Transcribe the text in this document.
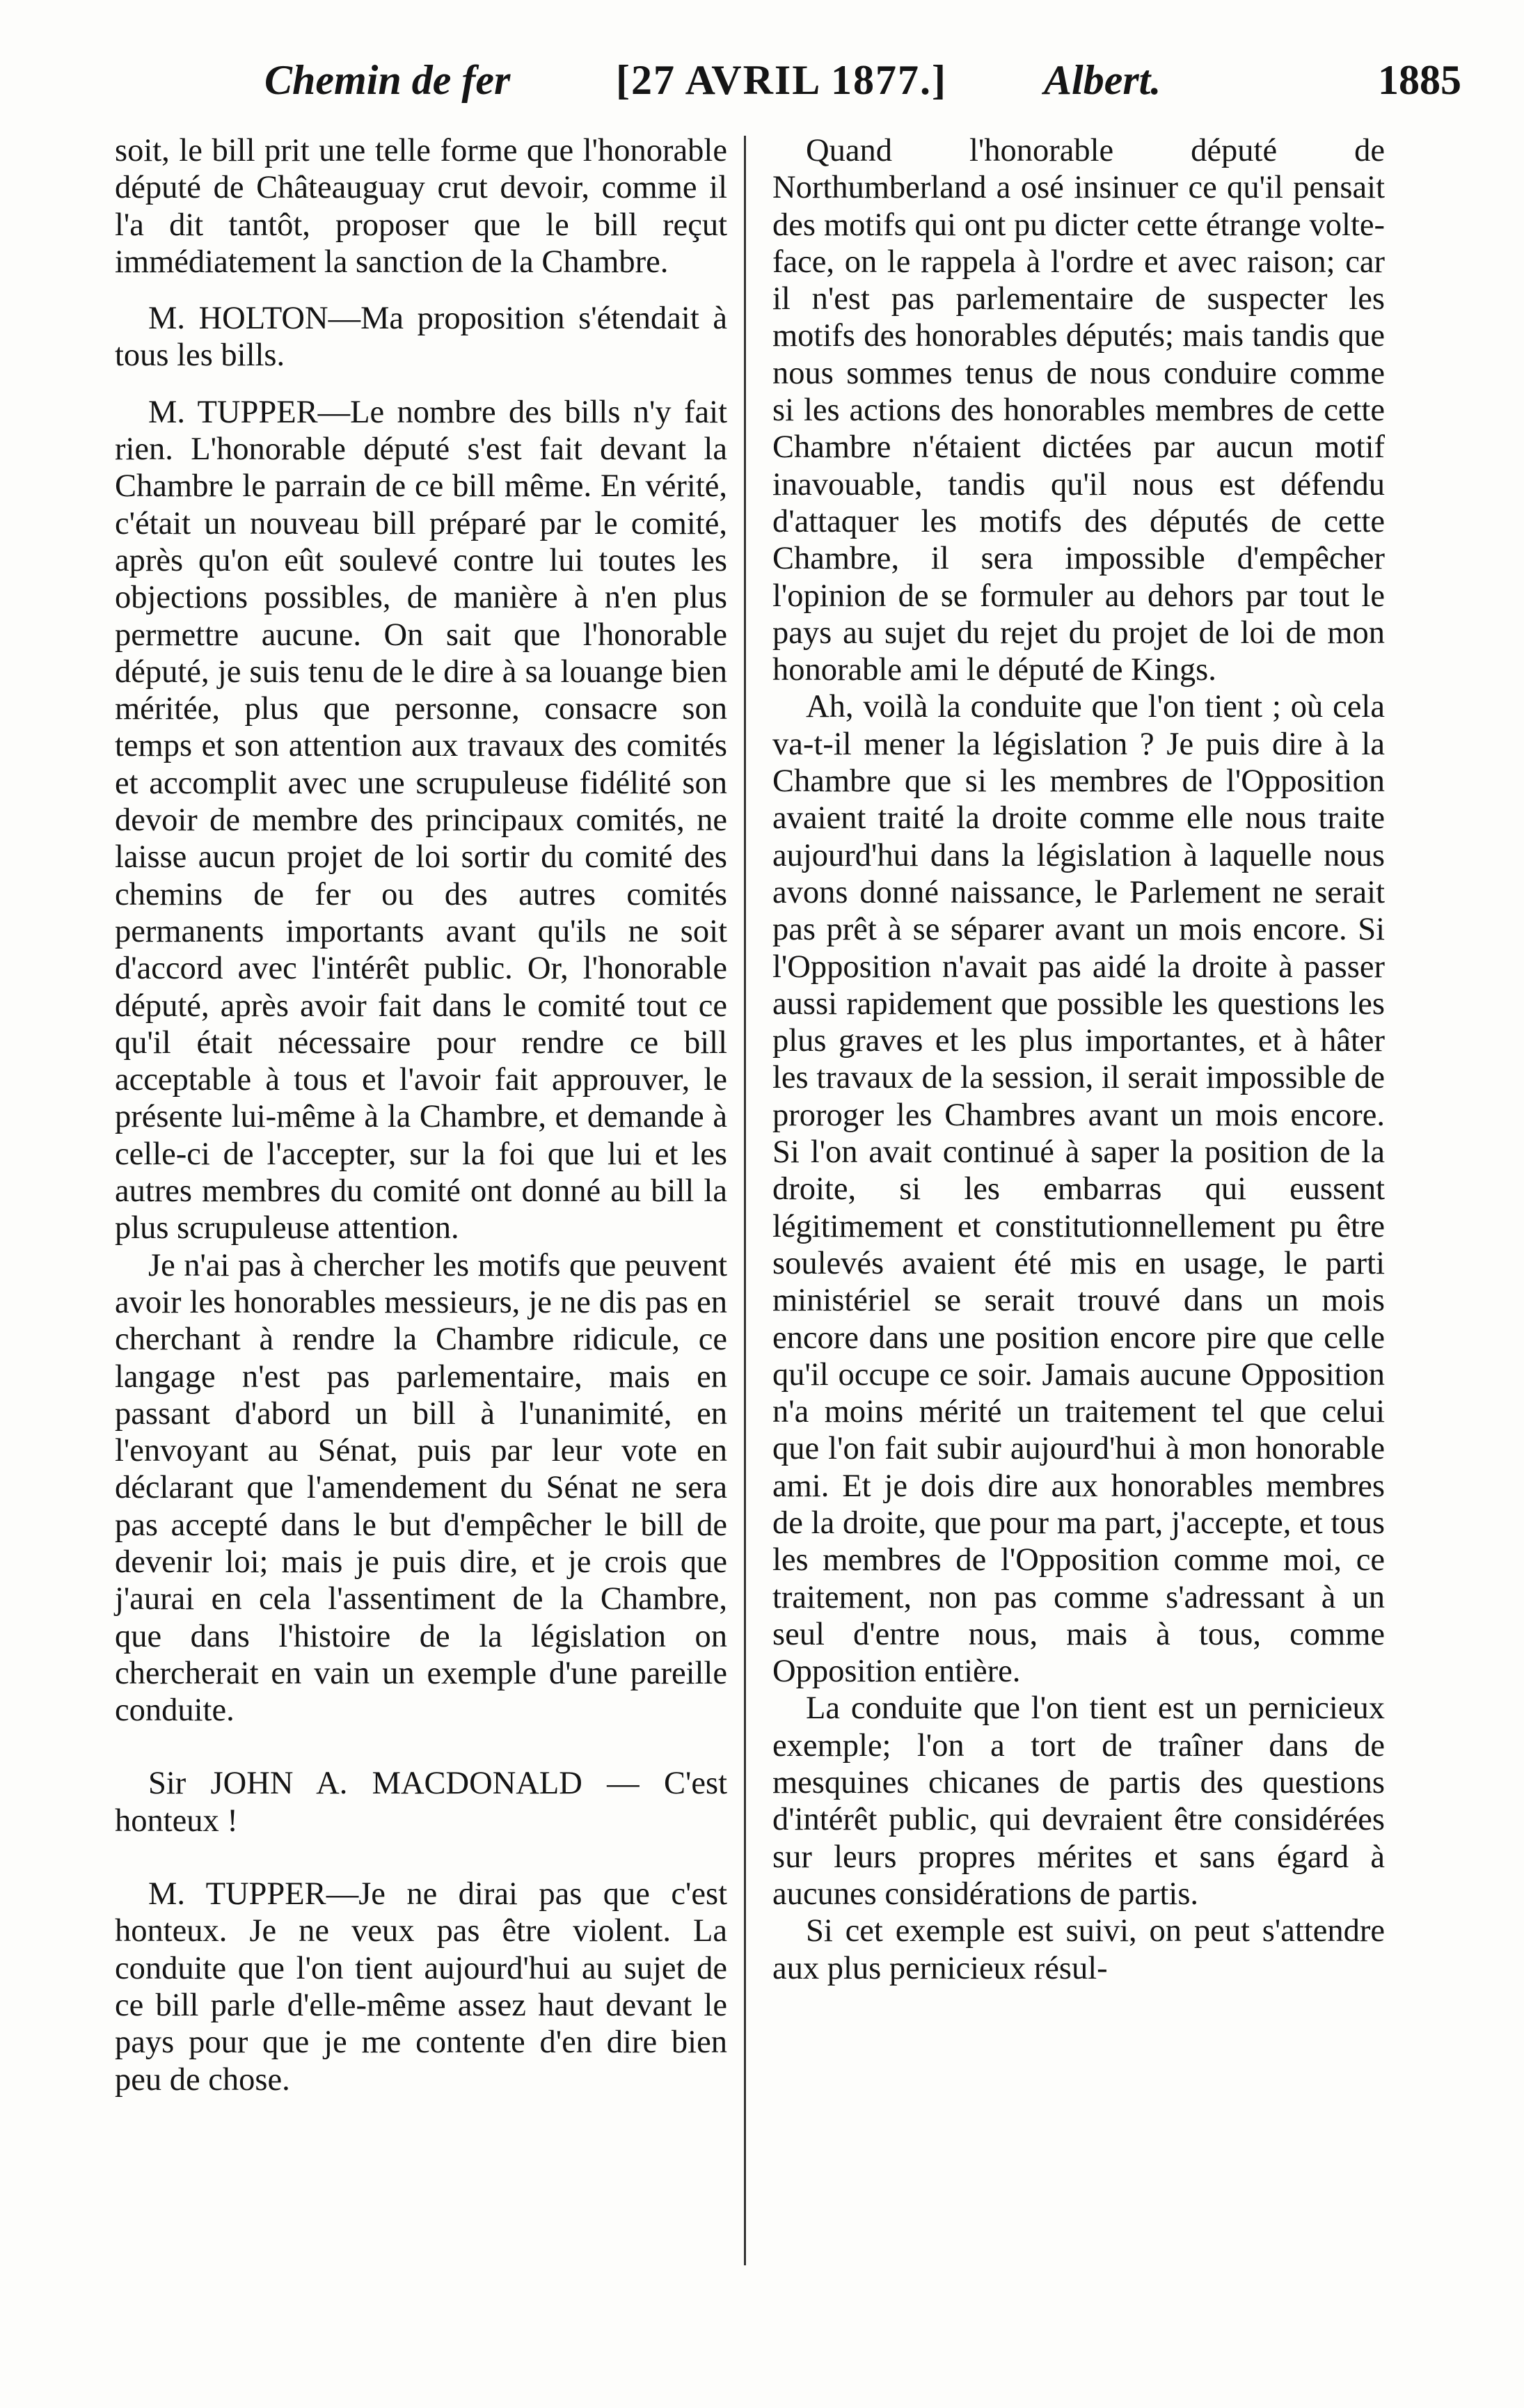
Chemin de fer	[27 AVRIL 1877.] Albert.	1885

soit, le bill prit une telle forme que l'honorable député de Châteauguay crut devoir, comme il l'a dit tantôt, proposer que le bill reçut immédiatement la sanction de la Chambre.

M. HOLTON—Ma proposition s'étendait à tous les bills.

M. TUPPER—Le nombre des bills n'y fait rien. L'honorable député s'est fait devant la Chambre le parrain de ce bill même. En vérité, c'était un nouveau bill préparé par le comité, après qu'on eût soulevé contre lui toutes les objections possibles, de manière à n'en plus permettre aucune. On sait que l'honorable député, je suis tenu de le dire à sa louange bien méritée, plus que personne, consacre son temps et son attention aux travaux des comités et accomplit avec une scrupuleuse fidélité son devoir de membre des principaux comités, ne laisse aucun projet de loi sortir du comité des chemins de fer ou des autres comités permanents importants avant qu'ils ne soit d'accord avec l'intérêt public. Or, l'honorable député, après avoir fait dans le comité tout ce qu'il était nécessaire pour rendre ce bill acceptable à tous et l'avoir fait approuver, le présente lui-même à la Chambre, et demande à celle-ci de l'accepter, sur la foi que lui et les autres membres du comité ont donné au bill la plus scrupuleuse attention.

Je n'ai pas à chercher les motifs que peuvent avoir les honorables messieurs, je ne dis pas en cherchant à rendre la Chambre ridicule, ce langage n'est pas parlementaire, mais en passant d'abord un bill à l'unanimité, en l'envoyant au Sénat, puis par leur vote en déclarant que l'amendement du Sénat ne sera pas accepté dans le but d'empêcher le bill de devenir loi; mais je puis dire, et je crois que j'aurai en cela l'assentiment de la Chambre, que dans l'histoire de la législation on chercherait en vain un exemple d'une pareille conduite.

Sir JOHN A. MACDONALD — C'est honteux !

M. TUPPER—Je ne dirai pas que c'est honteux. Je ne veux pas être violent. La conduite que l'on tient aujourd'hui au sujet de ce bill parle d'elle-même assez haut devant le pays pour que je me contente d'en dire bien peu de chose.

Quand l'honorable député de Northumberland a osé insinuer ce qu'il pensait des motifs qui ont pu dicter cette étrange volte-face, on le rappela à l'ordre et avec raison; car il n'est pas parlementaire de suspecter les motifs des honorables députés; mais tandis que nous sommes tenus de nous conduire comme si les actions des honorables membres de cette Chambre n'étaient dictées par aucun motif inavouable, tandis qu'il nous est défendu d'attaquer les motifs des députés de cette Chambre, il sera impossible d'empêcher l'opinion de se formuler au dehors par tout le pays au sujet du rejet du projet de loi de mon honorable ami le député de Kings.

Ah, voilà la conduite que l'on tient ; où cela va-t-il mener la législation ? Je puis dire à la Chambre que si les membres de l'Opposition avaient traité la droite comme elle nous traite aujourd'hui dans la législation à laquelle nous avons donné naissance, le Parlement ne serait pas prêt à se séparer avant un mois encore. Si l'Opposition n'avait pas aidé la droite à passer aussi rapidement que possible les questions les plus graves et les plus importantes, et à hâter les travaux de la session, il serait impossible de proroger les Chambres avant un mois encore. Si l'on avait continué à saper la position de la droite, si les embarras qui eussent légitimement et constitutionnellement pu être soulevés avaient été mis en usage, le parti ministériel se serait trouvé dans un mois encore dans une position encore pire que celle qu'il occupe ce soir. Jamais aucune Opposition n'a moins mérité un traitement tel que celui que l'on fait subir aujourd'hui à mon honorable ami. Et je dois dire aux honorables membres de la droite, que pour ma part, j'accepte, et tous les membres de l'Opposition comme moi, ce traitement, non pas comme s'adressant à un seul d'entre nous, mais à tous, comme Opposition entière.

La conduite que l'on tient est un pernicieux exemple; l'on a tort de traîner dans de mesquines chicanes de partis des questions d'intérêt public, qui devraient être considérées sur leurs propres mérites et sans égard à aucunes considérations de partis.

Si cet exemple est suivi, on peut s'attendre aux plus pernicieux résul-
